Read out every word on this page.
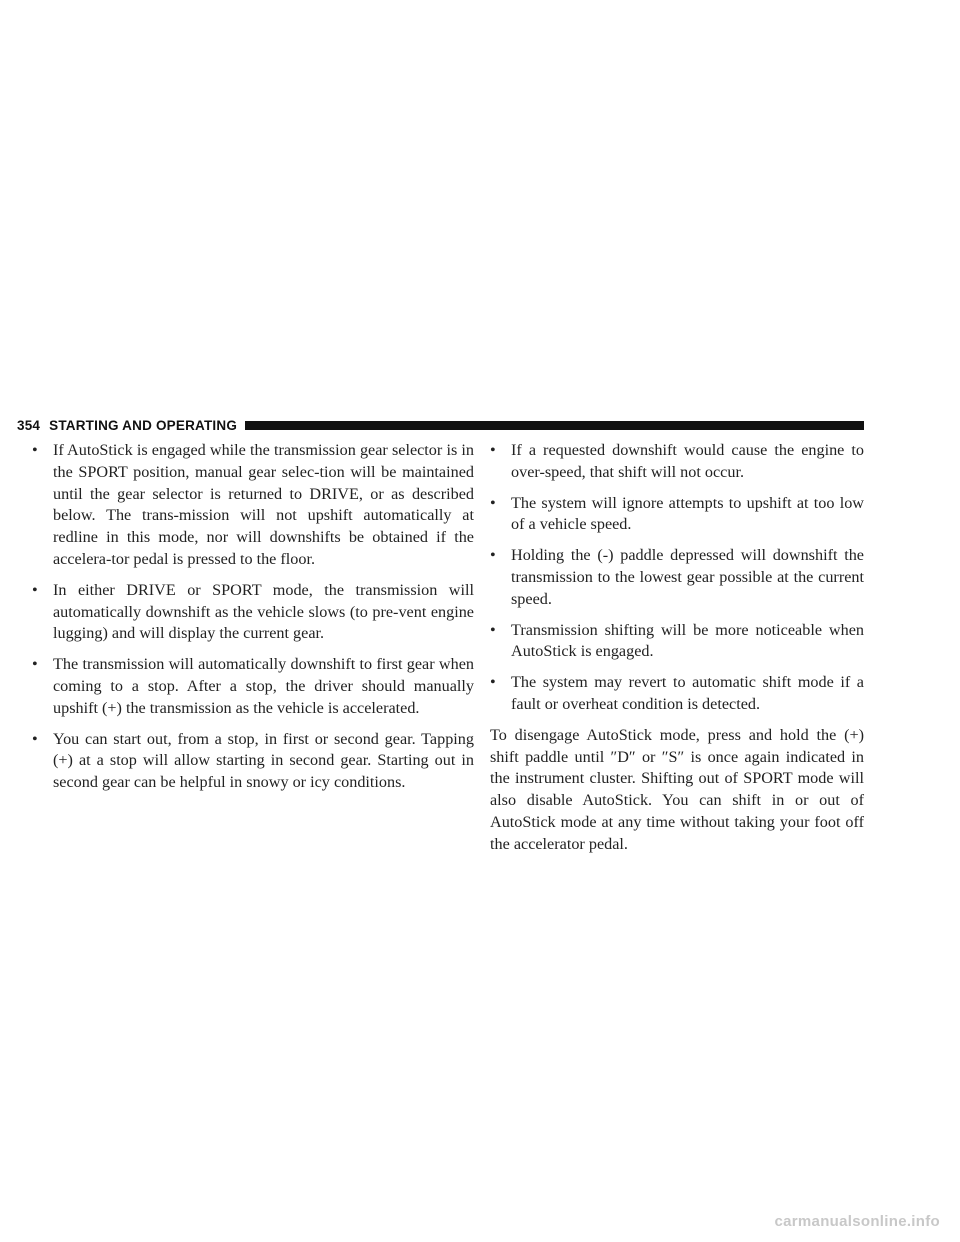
354 STARTING AND OPERATING
• If AutoStick is engaged while the transmission gear selector is in the SPORT position, manual gear selec-tion will be maintained until the gear selector is returned to DRIVE, or as described below. The trans-mission will not upshift automatically at redline in this mode, nor will downshifts be obtained if the accelera-tor pedal is pressed to the floor.
• In either DRIVE or SPORT mode, the transmission will automatically downshift as the vehicle slows (to pre-vent engine lugging) and will display the current gear.
• The transmission will automatically downshift to first gear when coming to a stop. After a stop, the driver should manually upshift (+) the transmission as the vehicle is accelerated.
• You can start out, from a stop, in first or second gear. Tapping (+) at a stop will allow starting in second gear. Starting out in second gear can be helpful in snowy or icy conditions.
• If a requested downshift would cause the engine to over-speed, that shift will not occur.
• The system will ignore attempts to upshift at too low of a vehicle speed.
• Holding the (-) paddle depressed will downshift the transmission to the lowest gear possible at the current speed.
• Transmission shifting will be more noticeable when AutoStick is engaged.
• The system may revert to automatic shift mode if a fault or overheat condition is detected.
To disengage AutoStick mode, press and hold the (+) shift paddle until ″D″ or ″S″ is once again indicated in the instrument cluster. Shifting out of SPORT mode will also disable AutoStick. You can shift in or out of AutoStick mode at any time without taking your foot off the accelerator pedal.
carmanualsonline.info
